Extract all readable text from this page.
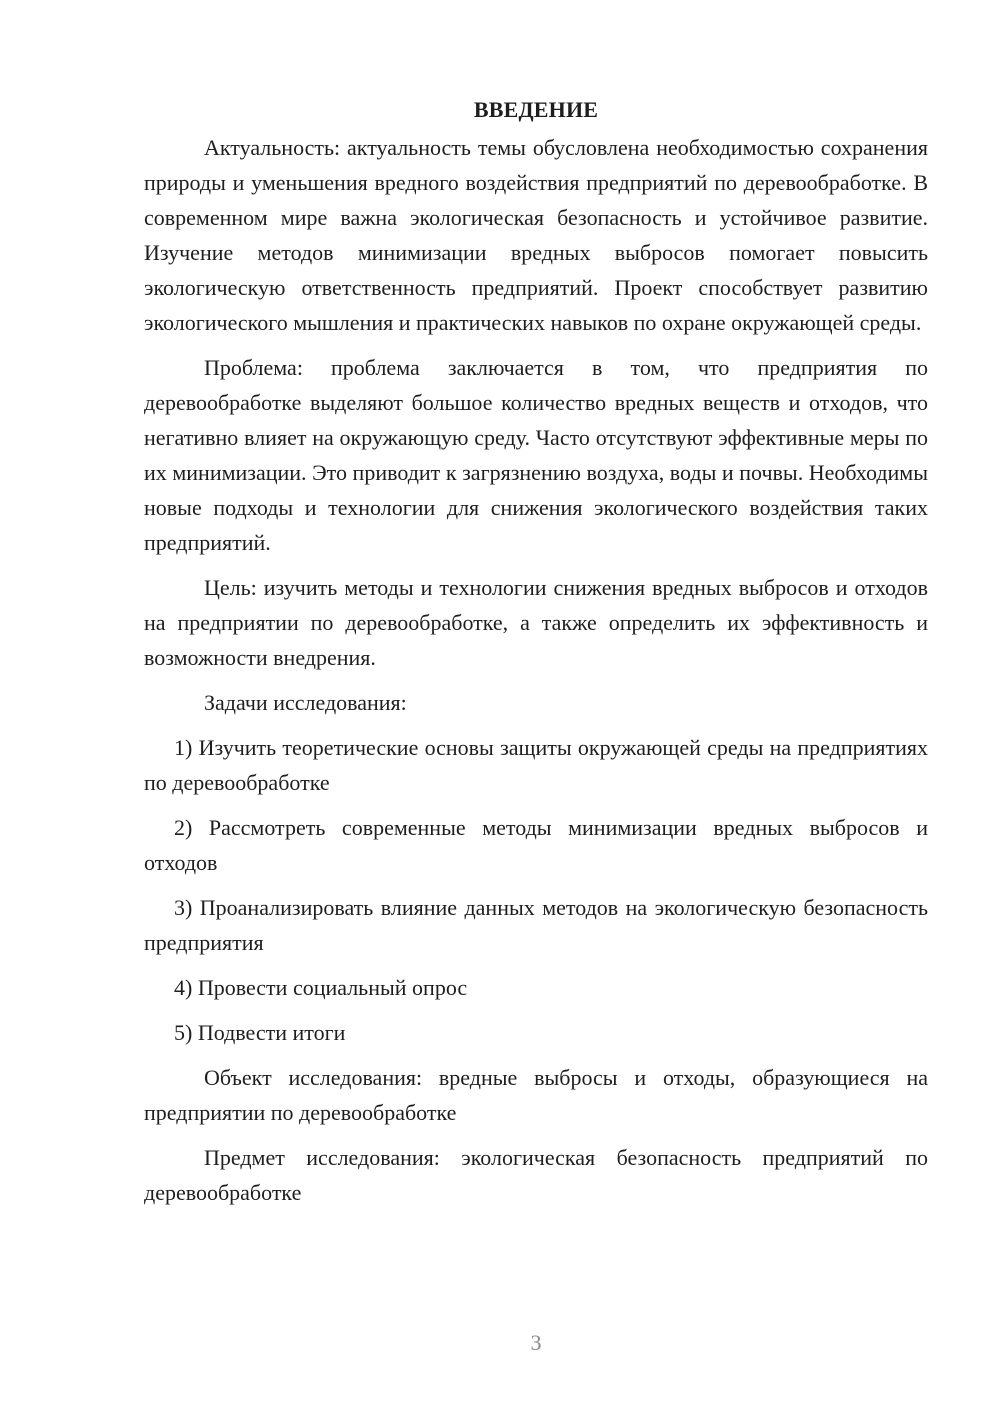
ВВЕДЕНИЕ

Актуальность: актуальность темы обусловлена необходимостью сохранения природы и уменьшения вредного воздействия предприятий по деревообработке. В современном мире важна экологическая безопасность и устойчивое развитие. Изучение методов минимизации вредных выбросов помогает повысить экологическую ответственность предприятий. Проект способствует развитию экологического мышления и практических навыков по охране окружающей среды.

Проблема: проблема заключается в том, что предприятия по деревообработке выделяют большое количество вредных веществ и отходов, что негативно влияет на окружающую среду. Часто отсутствуют эффективные меры по их минимизации. Это приводит к загрязнению воздуха, воды и почвы. Необходимы новые подходы и технологии для снижения экологического воздействия таких предприятий.

Цель: изучить методы и технологии снижения вредных выбросов и отходов на предприятии по деревообработке, а также определить их эффективность и возможности внедрения.

Задачи исследования:

1) Изучить теоретические основы защиты окружающей среды на предприятиях по деревообработке

2) Рассмотреть современные методы минимизации вредных выбросов и отходов

3) Проанализировать влияние данных методов на экологическую безопасность предприятия

4) Провести социальный опрос

5) Подвести итоги

Объект исследования: вредные выбросы и отходы, образующиеся на предприятии по деревообработке

Предмет исследования: экологическая безопасность предприятий по деревообработке

3
